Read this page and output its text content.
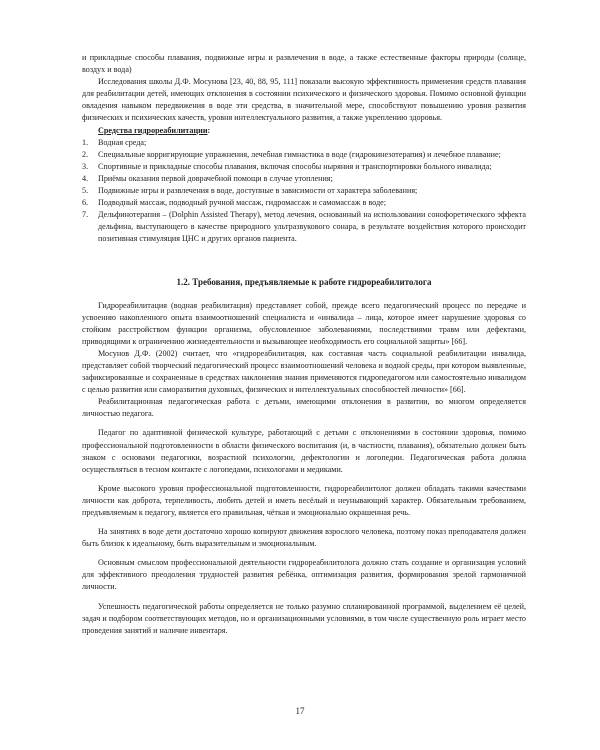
и прикладные способы плавания, подвижные игры и развлечения в воде, а также естественные факторы природы (солнце, воздух и вода)

Исследования школы Д.Ф. Мосунова [23, 40, 88, 95, 111] показали высокую эффективность применения средств плавания для реабилитации детей, имеющих отклонения в состоянии психического и физического здоровья. Помимо основной функции овладения навыком передвижения в воде эти средства, в значительной мере, способствуют повышению уровня развития физических и психических качеств, уровня интеллектуального развития, а также укреплению здоровья.

Средства гидрореабилитации:

1. Водная среда;
2. Специальные корригирующие упражнения, лечебная гимнастика в воде (гидрокинезотерапия) и лечебное плавание;
3. Спортивные и прикладные способы плавания, включая способы ныряния и транспортировки больного инвалида;
4. Приёмы оказания первой доврачебной помощи в случае утопления;
5. Подвижные игры и развлечения в воде, доступные в зависимости от характера заболевания;
6. Подводный массаж, подводный ручной массаж, гидромассаж и самомассаж в воде;
7. Дельфинотерапия – (Dolphin Assisted Therapy), метод лечения, основанный на использовании сонофоретического эффекта дельфина, выступающего в качестве природного ультразвукового сонара, в результате воздействия которого происходит позитивная стимуляция ЦНС и других органов пациента.

1.2. Требования, предъявляемые к работе гидрореабилитолога

Гидрореабилитация (водная реабилитация) представляет собой, прежде всего педагогический процесс по передаче и усвоению накопленного опыта взаимоотношений специалиста и «инвалида – лица, которое имеет нарушение здоровья со стойким расстройством функции организма, обусловленное заболеваниями, последствиями травм или дефектами, приводящими к ограничению жизнедеятельности и вызывающее необходимость его социальной защиты» [66].

Мосунов Д.Ф. (2002) считает, что «гидрореабилитация, как составная часть социальной реабилитации инвалида, представляет собой творческий педагогический процесс взаимоотношений человека и водной среды, при котором выявленные, зафиксированные и сохраненные в средствах наклонения знания применяются гидропедагогом или самостоятельно инвалидом с целью развития или саморазвития духовных, физических и интеллектуальных способностей личности» [66].

Реабилитационная педагогическая работа с детьми, имеющими отклонения в развитии, во многом определяется личностью педагога.

Педагог по адаптивной физической культуре, работающий с детьми с отклонениями в состоянии здоровья, помимо профессиональной подготовленности в области физического воспитания (и, в частности, плавания), обязательно должен быть знаком с основами педагогики, возрастной психологии, дефектологии и логопедии. Педагогическая работа должна осуществляться в тесном контакте с логопедами, психологами и медиками.

Кроме высокого уровня профессиональной подготовленности, гидрореабилитолог должен обладать такими качествами личности как доброта, терпеливость, любить детей и иметь весёлый и неунывающий характер. Обязательным требованием, предъявляемым к педагогу, является его правильная, чёткая и эмоционально окрашенная речь.

На занятиях в воде дети достаточно хорошо копируют движения взрослого человека, поэтому показ преподавателя должен быть близок к идеальному, быть выразительным и эмоциональным.

Основным смыслом профессиональной деятельности гидрореабилитолога должно стать создание и организация условий для эффективного преодоления трудностей развития ребёнка, оптимизация развития, формирования зрелой гармоничной личности.

Успешность педагогической работы определяется не только разумно спланированной программой, выделением её целей, задач и подбором соответствующих методов, но и организационными условиями, в том числе существенную роль играет место проведения занятий и наличие инвентаря.

17
